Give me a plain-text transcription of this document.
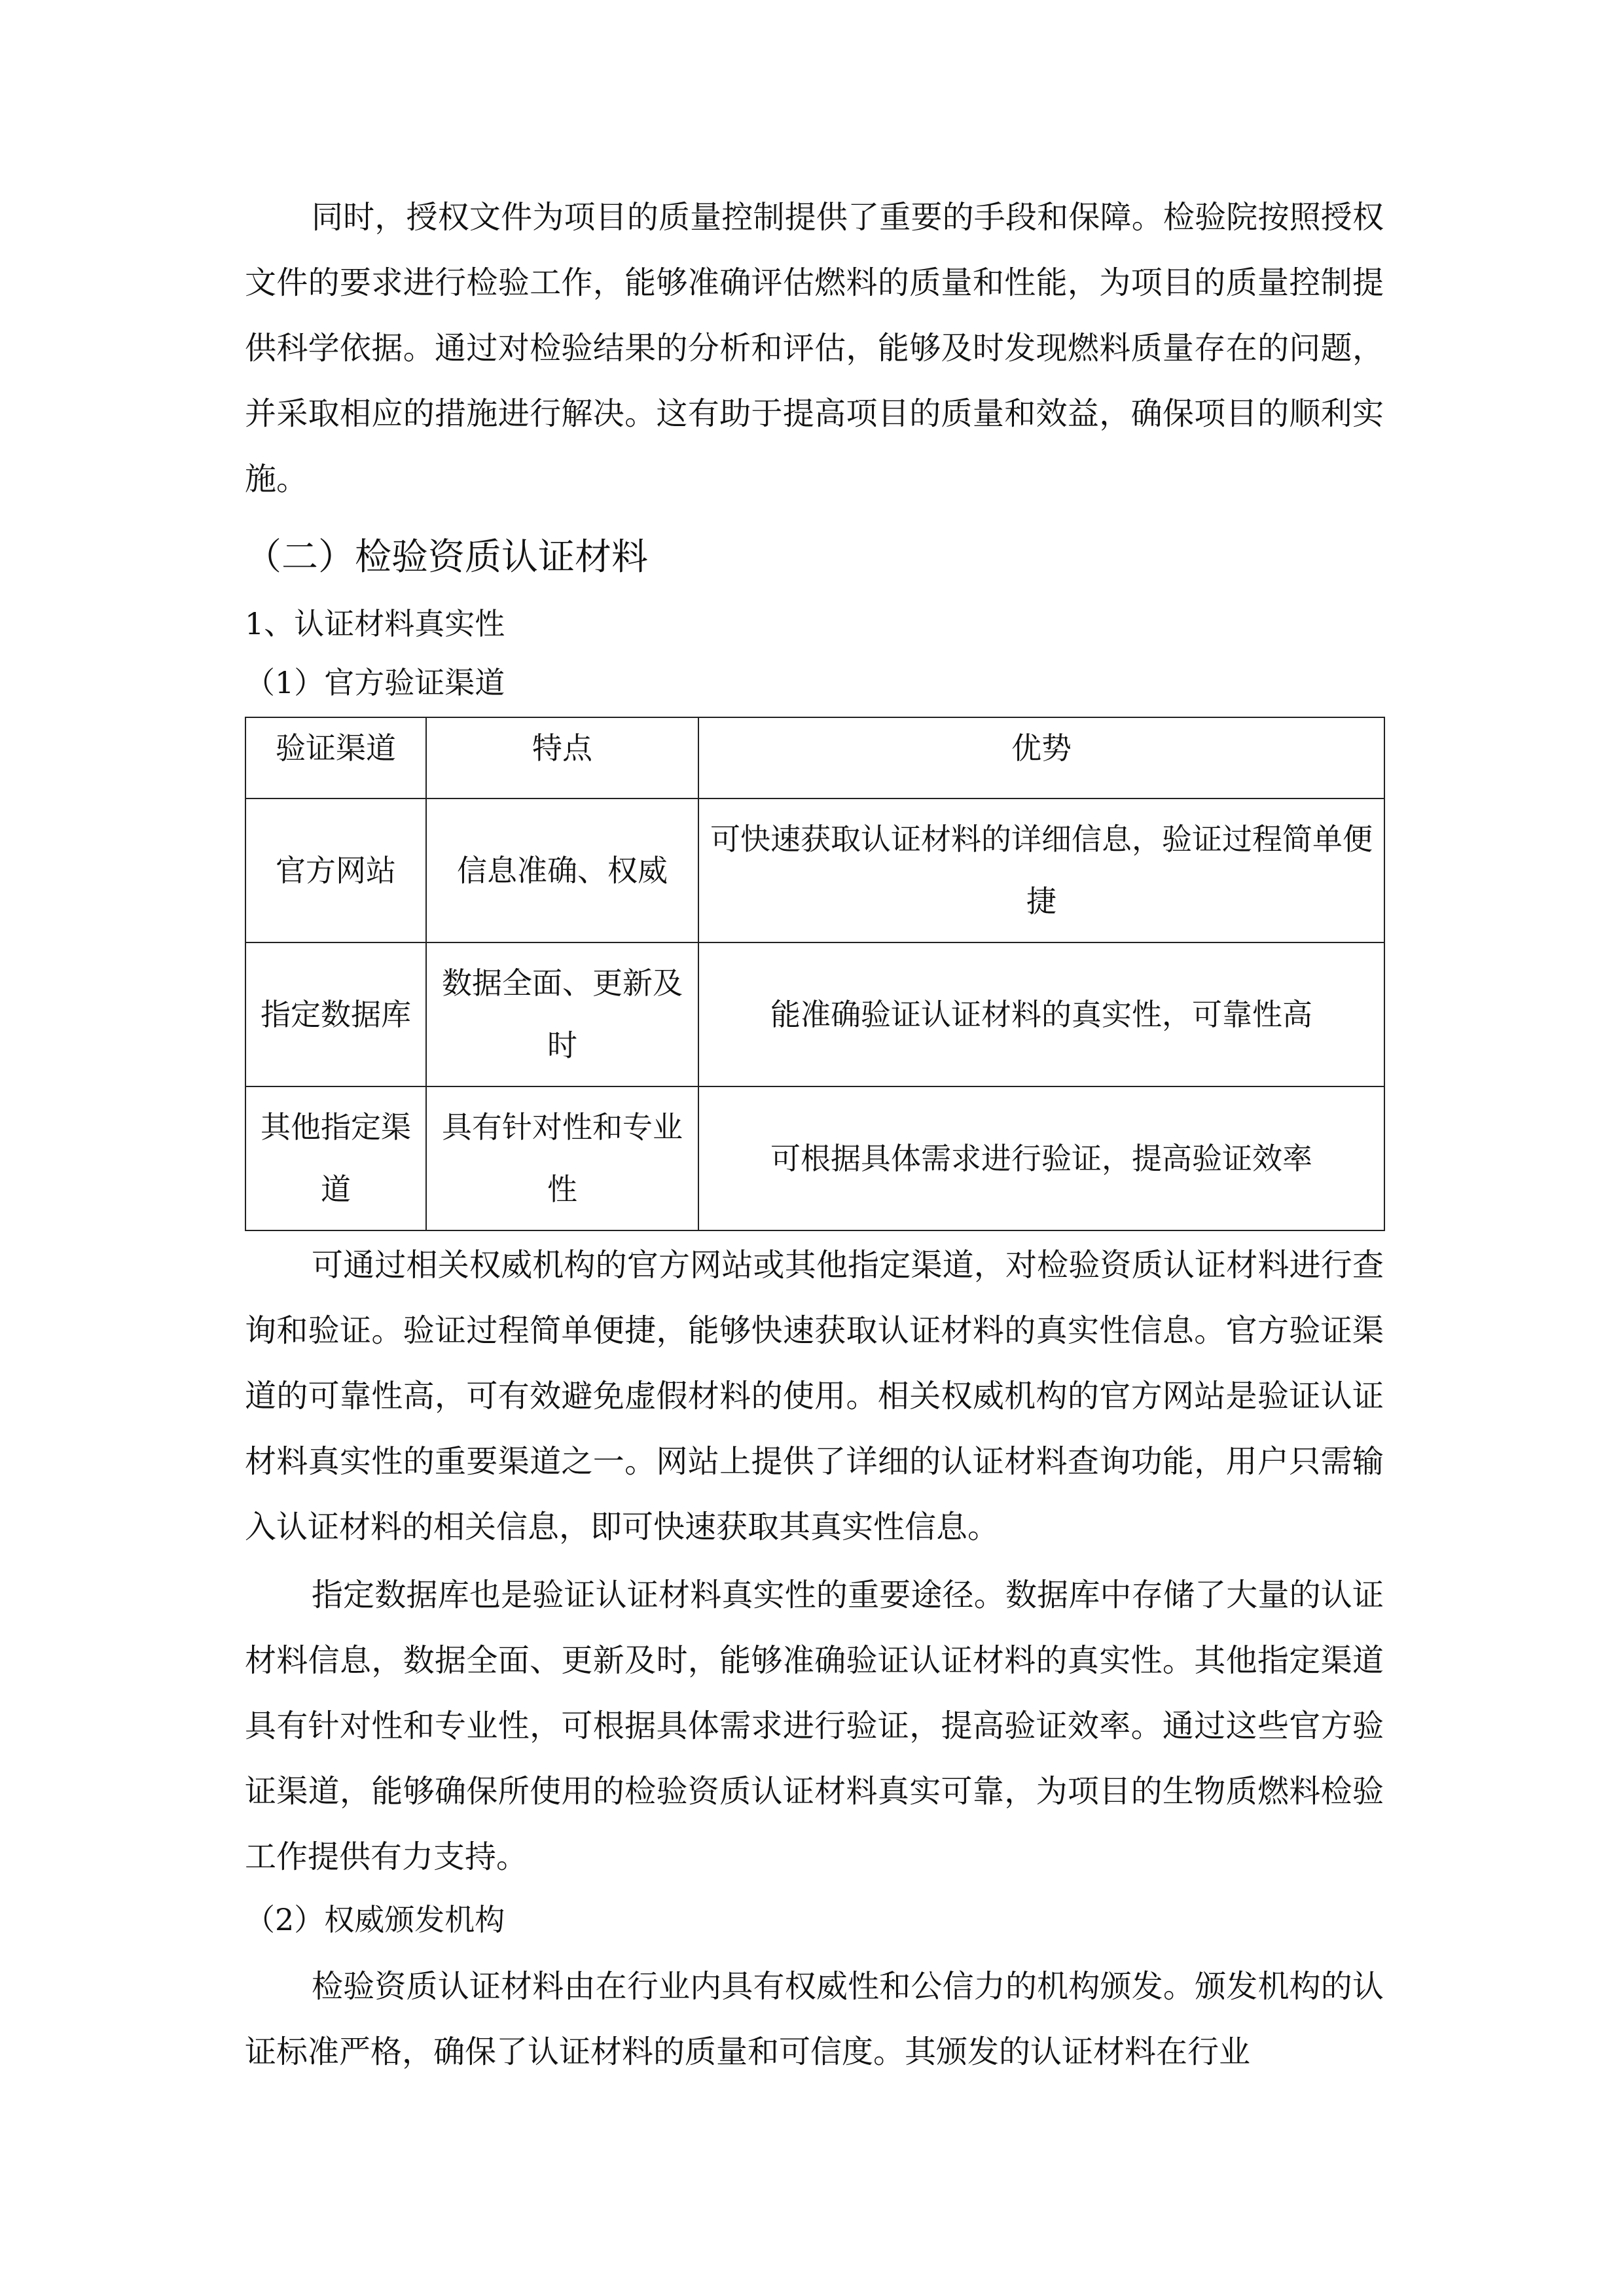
同时，授权文件为项目的质量控制提供了重要的手段和保障。检验院按照授权文件的要求进行检验工作，能够准确评估燃料的质量和性能，为项目的质量控制提供科学依据。通过对检验结果的分析和评估，能够及时发现燃料质量存在的问题，并采取相应的措施进行解决。这有助于提高项目的质量和效益，确保项目的顺利实施。

（二）检验资质认证材料
1、认证材料真实性
（1）官方验证渠道
验证渠道	特点	优势
官方网站	信息准确、权威	可快速获取认证材料的详细信息，验证过程简单便捷
指定数据库	数据全面、更新及时	能准确验证认证材料的真实性，可靠性高
其他指定渠道	具有针对性和专业性	可根据具体需求进行验证，提高验证效率

可通过相关权威机构的官方网站或其他指定渠道，对检验资质认证材料进行查询和验证。验证过程简单便捷，能够快速获取认证材料的真实性信息。官方验证渠道的可靠性高，可有效避免虚假材料的使用。相关权威机构的官方网站是验证认证材料真实性的重要渠道之一。网站上提供了详细的认证材料查询功能，用户只需输入认证材料的相关信息，即可快速获取其真实性信息。

指定数据库也是验证认证材料真实性的重要途径。数据库中存储了大量的认证材料信息，数据全面、更新及时，能够准确验证认证材料的真实性。其他指定渠道具有针对性和专业性，可根据具体需求进行验证，提高验证效率。通过这些官方验证渠道，能够确保所使用的检验资质认证材料真实可靠，为项目的生物质燃料检验工作提供有力支持。

（2）权威颁发机构

检验资质认证材料由在行业内具有权威性和公信力的机构颁发。颁发机构的认证标准严格，确保了认证材料的质量和可信度。其颁发的认证材料在行业
